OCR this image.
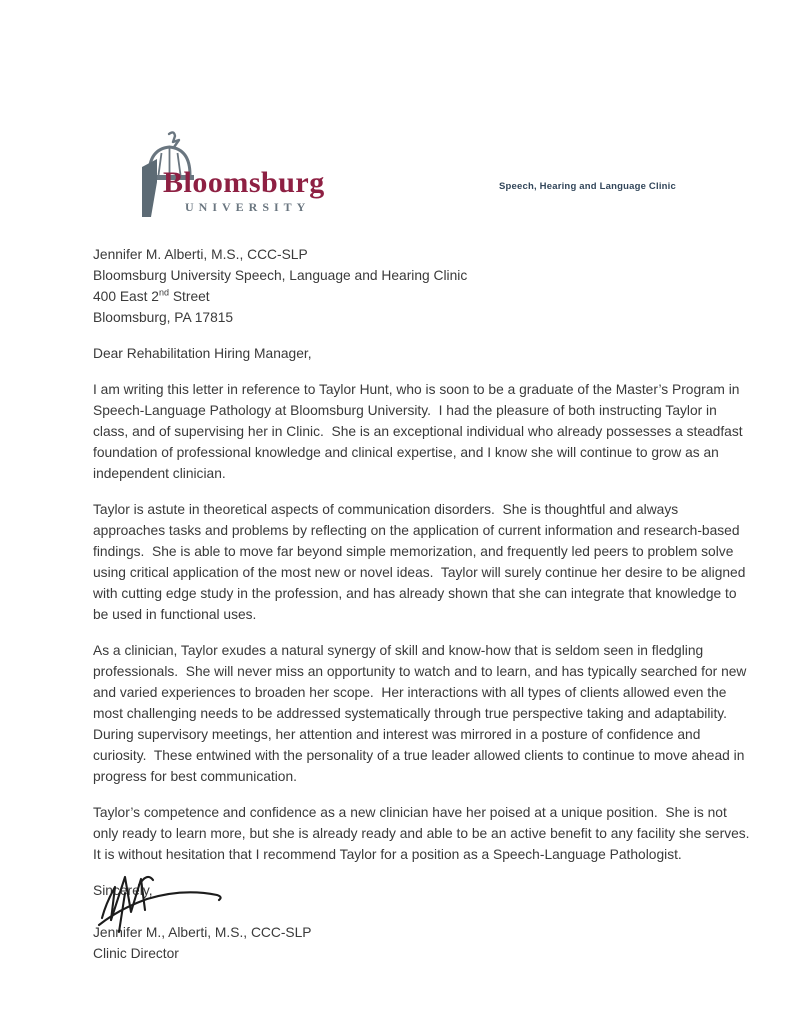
Bloomsburg
UNIVERSITY
Speech, Hearing and Language Clinic
Jennifer M. Alberti, M.S., CCC-SLP
Bloomsburg University Speech, Language and Hearing Clinic
400 East 2nd Street
Bloomsburg, PA 17815

Dear Rehabilitation Hiring Manager,

I am writing this letter in reference to Taylor Hunt, who is soon to be a graduate of the Master’s Program in Speech-Language Pathology at Bloomsburg University.  I had the pleasure of both instructing Taylor in class, and of supervising her in Clinic.  She is an exceptional individual who already possesses a steadfast foundation of professional knowledge and clinical expertise, and I know she will continue to grow as an independent clinician.

Taylor is astute in theoretical aspects of communication disorders.  She is thoughtful and always approaches tasks and problems by reflecting on the application of current information and research-based findings.  She is able to move far beyond simple memorization, and frequently led peers to problem solve using critical application of the most new or novel ideas.  Taylor will surely continue her desire to be aligned with cutting edge study in the profession, and has already shown that she can integrate that knowledge to be used in functional uses.

As a clinician, Taylor exudes a natural synergy of skill and know-how that is seldom seen in fledgling professionals.  She will never miss an opportunity to watch and to learn, and has typically searched for new and varied experiences to broaden her scope.  Her interactions with all types of clients allowed even the most challenging needs to be addressed systematically through true perspective taking and adaptability.  During supervisory meetings, her attention and interest was mirrored in a posture of confidence and curiosity.  These entwined with the personality of a true leader allowed clients to continue to move ahead in progress for best communication.

Taylor’s competence and confidence as a new clinician have her poised at a unique position.  She is not only ready to learn more, but she is already ready and able to be an active benefit to any facility she serves.  It is without hesitation that I recommend Taylor for a position as a Speech-Language Pathologist.

Sincerely,
Jennifer M., Alberti, M.S., CCC-SLP
Clinic Director
